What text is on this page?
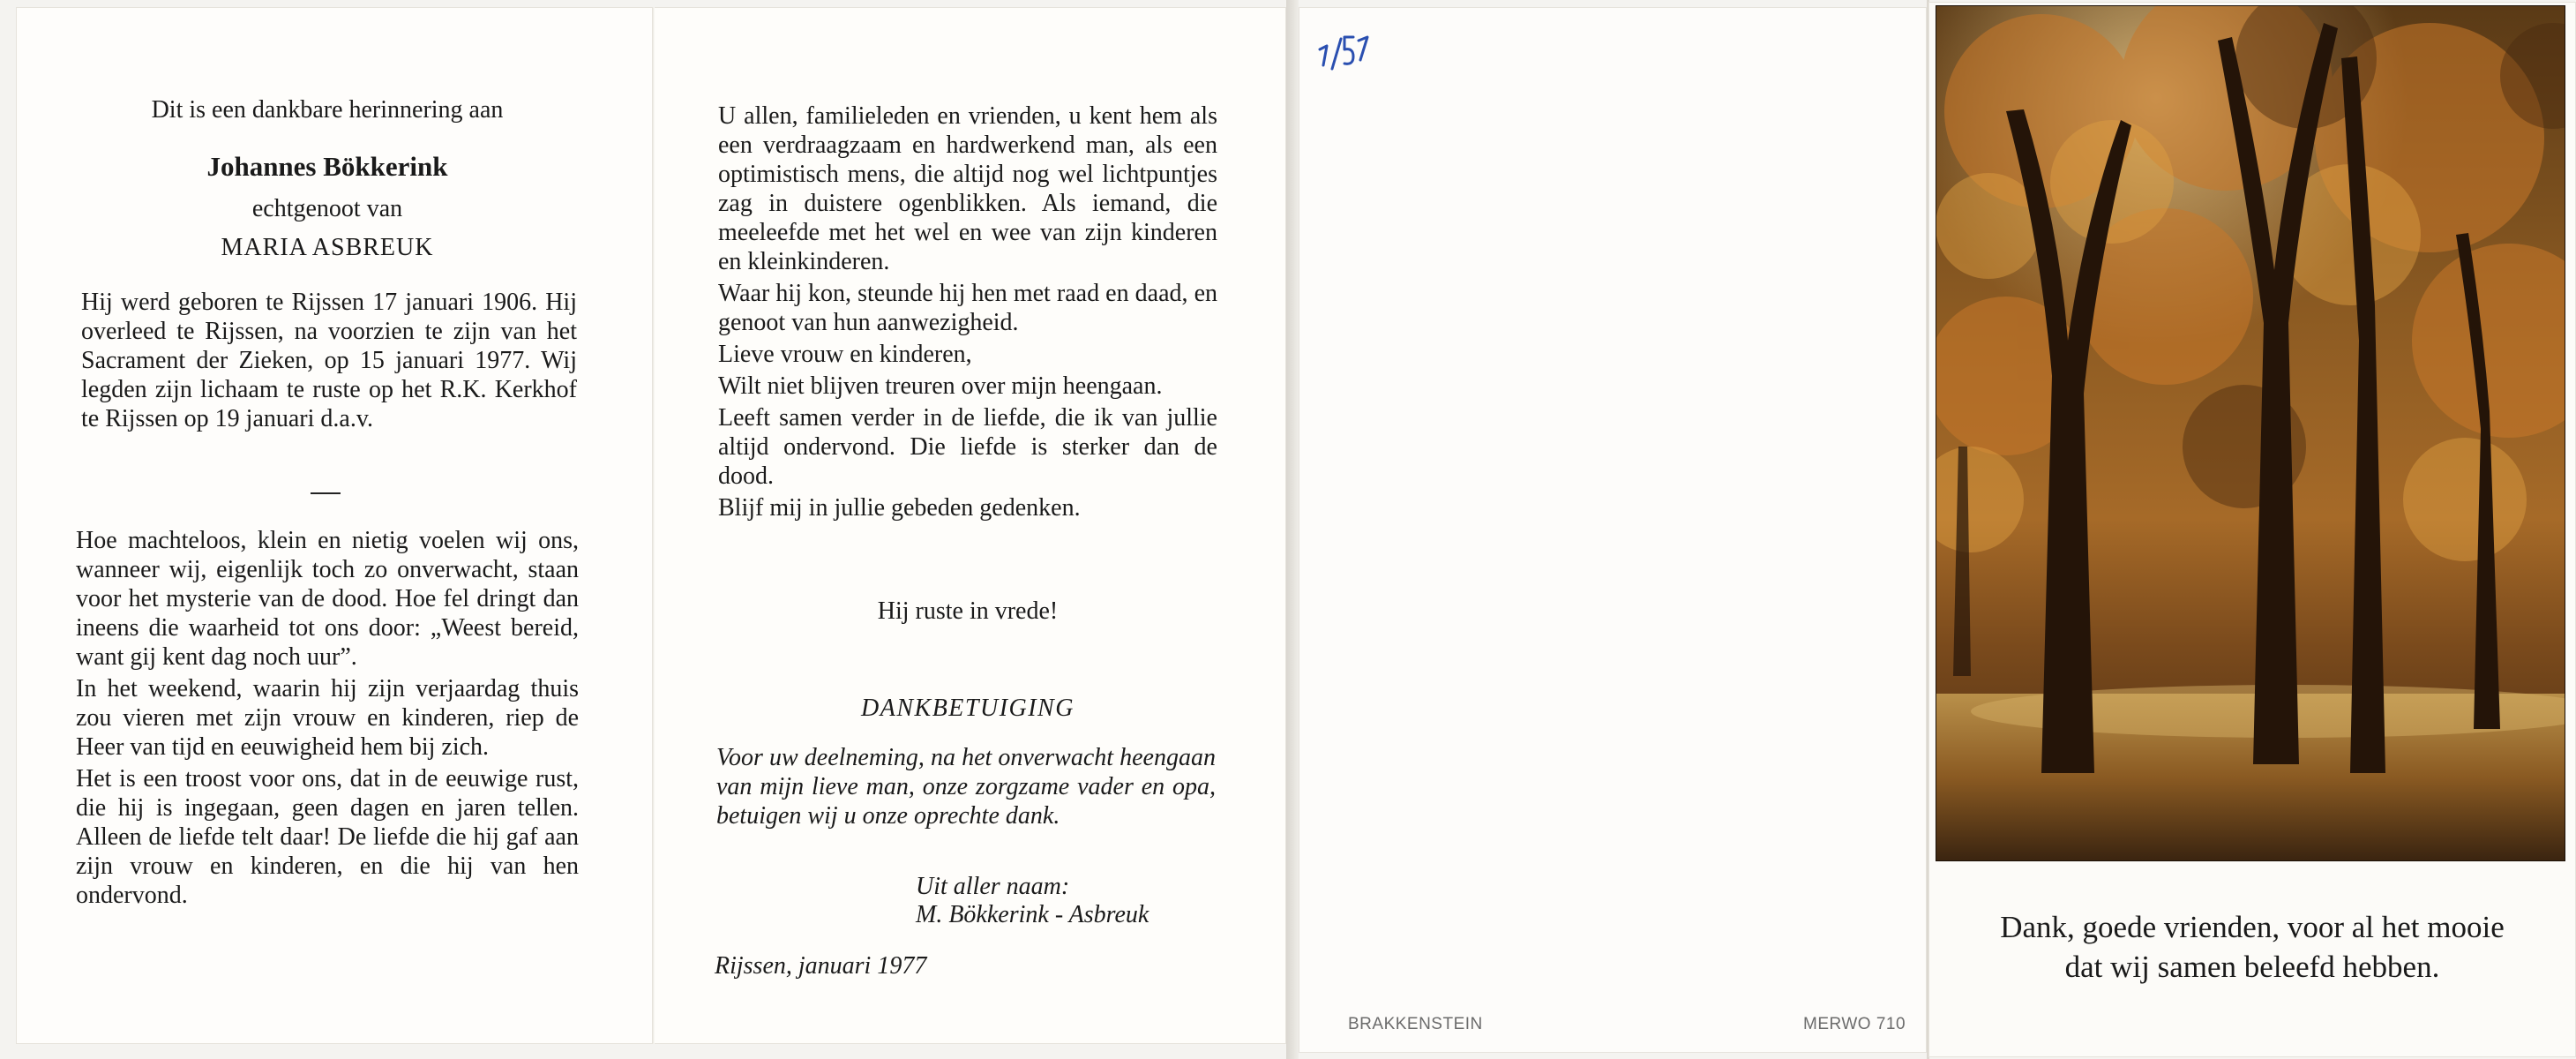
Dit is een dankbare herinnering aan
Johannes Bökkerink
echtgenoot van
MARIA ASBREUK
Hij werd geboren te Rijssen 17 januari 1906. Hij overleed te Rijssen, na voorzien te zijn van het Sacrament der Zieken, op 15 januari 1977. Wij legden zijn lichaam te ruste op het R.K. Kerkhof te Rijssen op 19 januari d.a.v.

Hoe machteloos, klein en nietig voelen wij ons, wanneer wij, eigenlijk toch zo onverwacht, staan voor het mysterie van de dood. Hoe fel dringt dan ineens die waarheid tot ons door: „Weest bereid, want gij kent dag noch uur”.

In het weekend, waarin hij zijn verjaardag thuis zou vieren met zijn vrouw en kinderen, riep de Heer van tijd en eeuwigheid hem bij zich.

Het is een troost voor ons, dat in de eeuwige rust, die hij is ingegaan, geen dagen en jaren tellen. Alleen de liefde telt daar! De liefde die hij gaf aan zijn vrouw en kinderen, en die hij van hen ondervond.

U allen, familieleden en vrienden, u kent hem als een verdraagzaam en hardwerkend man, als een optimistisch mens, die altijd nog wel lichtpuntjes zag in duistere ogenblikken. Als iemand, die meeleefde met het wel en wee van zijn kinderen en kleinkinderen.

Waar hij kon, steunde hij hen met raad en daad, en genoot van hun aanwezigheid.

Lieve vrouw en kinderen,

Wilt niet blijven treuren over mijn heengaan.

Leeft samen verder in de liefde, die ik van jullie altijd ondervond. Die liefde is sterker dan de dood.

Blijf mij in jullie gebeden gedenken.

Hij ruste in vrede!
DANKBETUIGING
Voor uw deelneming, na het onverwacht heengaan van mijn lieve man, onze zorgzame vader en opa, betuigen wij u onze oprechte dank.
Uit aller naam:
M. Bökkerink - Asbreuk
Rijssen, januari 1977
BRAKKENSTEIN	MERWO 710
Dank, goede vrienden, voor al het mooie
dat wij samen beleefd hebben.
